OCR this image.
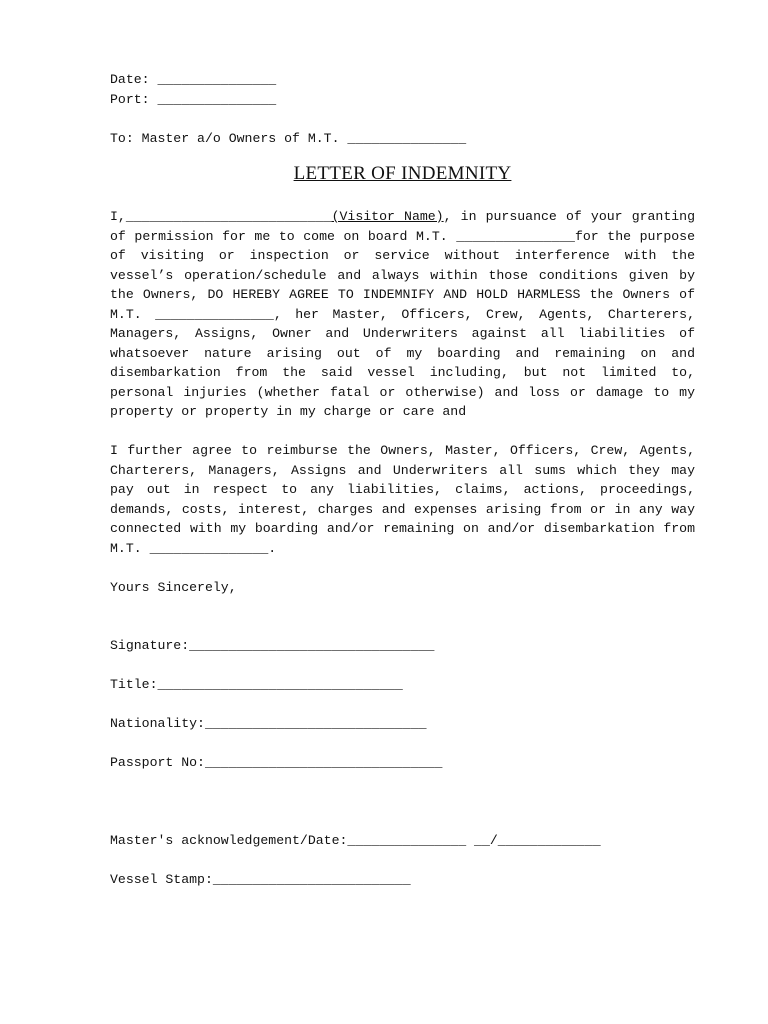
Date: _______________

Port: _______________

To: Master a/o Owners of M.T. _______________

LETTER OF INDEMNITY

I,__________________________(Visitor Name), in pursuance of your granting of permission for me to come on board M.T. _______________for the purpose of visiting or inspection or service without interference with the vessel’s operation/schedule and always within those conditions given by the Owners, DO HEREBY AGREE TO INDEMNIFY AND HOLD HARMLESS the Owners of M.T. _______________, her Master, Officers, Crew, Agents, Charterers, Managers, Assigns, Owner and Underwriters against all liabilities of whatsoever nature arising out of my boarding and remaining on and disembarkation from the said vessel including, but not limited to, personal injuries (whether fatal or otherwise) and loss or damage to my property or property in my charge or care and

I further agree to reimburse the Owners, Master, Officers, Crew, Agents, Charterers, Managers, Assigns and Underwriters all sums which they may pay out in respect to any liabilities, claims, actions, proceedings, demands, costs, interest, charges and expenses arising from or in any way connected with my boarding and/or remaining on and/or disembarkation from M.T. _______________.

Yours Sincerely,

Signature:_______________________________

Title:_______________________________

Nationality:____________________________

Passport No:______________________________

Master's acknowledgement/Date:_______________ __/_____________

Vessel Stamp:_________________________
